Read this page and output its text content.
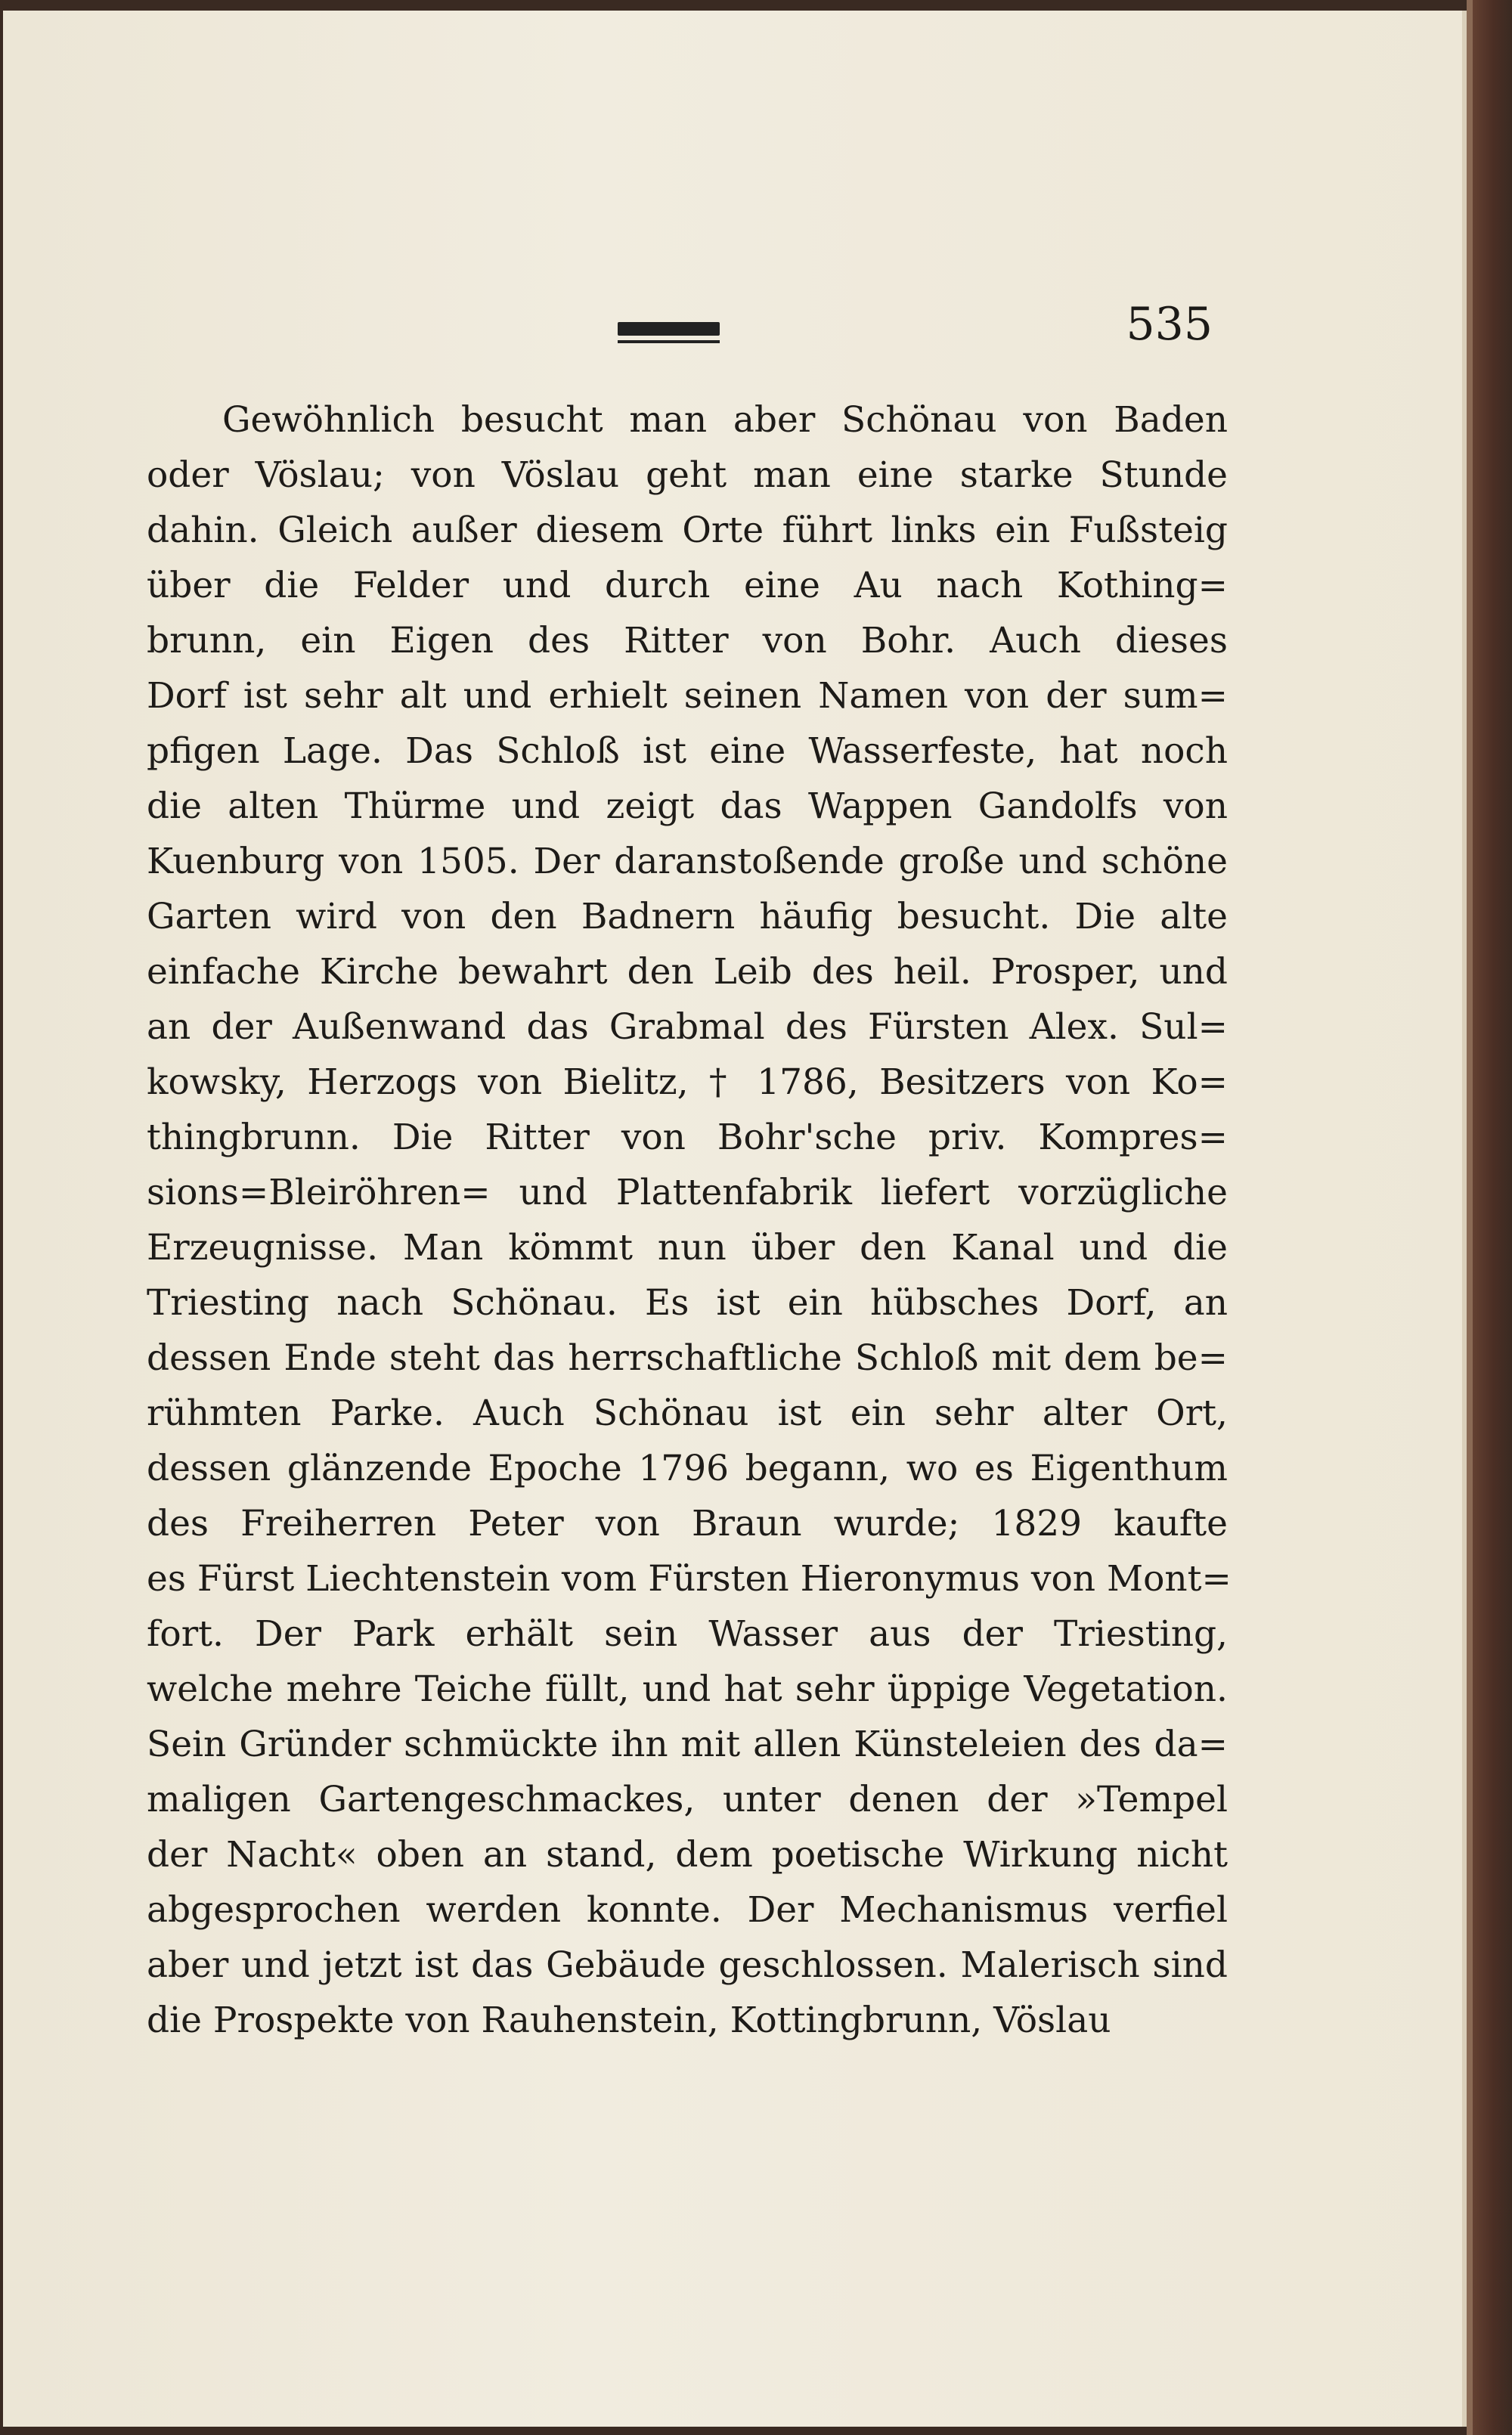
535
Gewöhnlich besucht man aber Schönau von Baden
oder Vöslau; von Vöslau geht man eine starke Stunde
dahin. Gleich außer diesem Orte führt links ein Fußsteig
über die Felder und durch eine Au nach Kothing=
brunn, ein Eigen des Ritter von Bohr. Auch dieses
Dorf ist sehr alt und erhielt seinen Namen von der sum=
pfigen Lage. Das Schloß ist eine Wasserfeste, hat noch
die alten Thürme und zeigt das Wappen Gandolfs von
Kuenburg von 1505. Der daranstoßende große und schöne
Garten wird von den Badnern häufig besucht. Die alte
einfache Kirche bewahrt den Leib des heil. Prosper, und
an der Außenwand das Grabmal des Fürsten Alex. Sul=
kowsky, Herzogs von Bielitz, † 1786, Besitzers von Ko=
thingbrunn. Die Ritter von Bohr'sche priv. Kompres=
sions=Bleiröhren= und Plattenfabrik liefert vorzügliche
Erzeugnisse. Man kömmt nun über den Kanal und die
Triesting nach Schönau. Es ist ein hübsches Dorf, an
dessen Ende steht das herrschaftliche Schloß mit dem be=
rühmten Parke. Auch Schönau ist ein sehr alter Ort,
dessen glänzende Epoche 1796 begann, wo es Eigenthum
des Freiherren Peter von Braun wurde; 1829 kaufte
es Fürst Liechtenstein vom Fürsten Hieronymus von Mont=
fort. Der Park erhält sein Wasser aus der Triesting,
welche mehre Teiche füllt, und hat sehr üppige Vegetation.
Sein Gründer schmückte ihn mit allen Künsteleien des da=
maligen Gartengeschmackes, unter denen der »Tempel
der Nacht« oben an stand, dem poetische Wirkung nicht
abgesprochen werden konnte. Der Mechanismus verfiel
aber und jetzt ist das Gebäude geschlossen. Malerisch sind
die Prospekte von Rauhenstein, Kottingbrunn, Vöslau
